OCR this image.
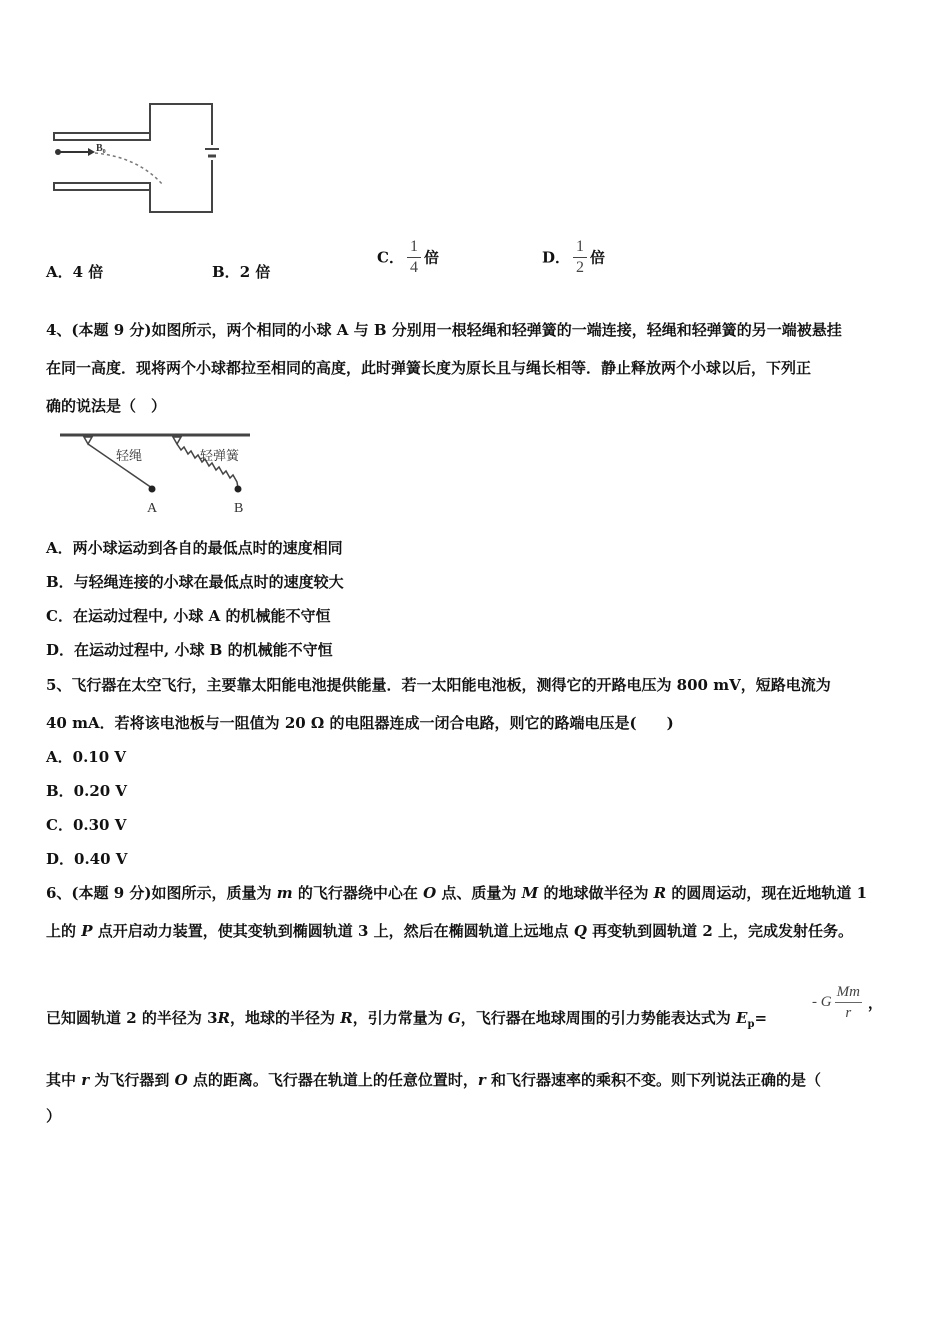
B₀
A．4 倍	B．2 倍
C． $\frac{1}{4}$ 倍	D． $\frac{1}{2}$ 倍
4、(本题 9 分)如图所示，两个相同的小球 A 与 B 分别用一根轻绳和轻弹簧的一端连接，轻绳和轻弹簧的另一端被悬挂
在同一高度．现将两个小球都拉至相同的高度，此时弹簧长度为原长且与绳长相等．静止释放两个小球以后，下列正
确的说法是（　）
轻绳	轻弹簧
A	B
A．两小球运动到各自的最低点时的速度相同
B．与轻绳连接的小球在最低点时的速度较大
C．在运动过程中, 小球 A 的机械能不守恒
D．在运动过程中, 小球 B 的机械能不守恒
5、飞行器在太空飞行，主要靠太阳能电池提供能量．若一太阳能电池板，测得它的开路电压为 800 mV，短路电流为
40 mA．若将该电池板与一阻值为 20 Ω 的电阻器连成一闭合电路，则它的路端电压是(　　)
A．0.10 V
B．0.20 V
C．0.30 V
D．0.40 V
6、(本题 9 分)如图所示，质量为 m 的飞行器绕中心在 O 点、质量为 M 的地球做半径为 R 的圆周运动，现在近地轨道 1
上的 P 点开启动力装置，使其变轨到椭圆轨道 3 上，然后在椭圆轨道上远地点 Q 再变轨到圆轨道 2 上，完成发射任务。
已知圆轨道 2 的半径为 3R，地球的半径为 R，引力常量为 G，飞行器在地球周围的引力势能表达式为 $E_p=$
- G $\frac{Mm}{r}$ ，
其中 r 为飞行器到 O 点的距离。飞行器在轨道上的任意位置时，r 和飞行器速率的乘积不变。则下列说法正确的是（
）
